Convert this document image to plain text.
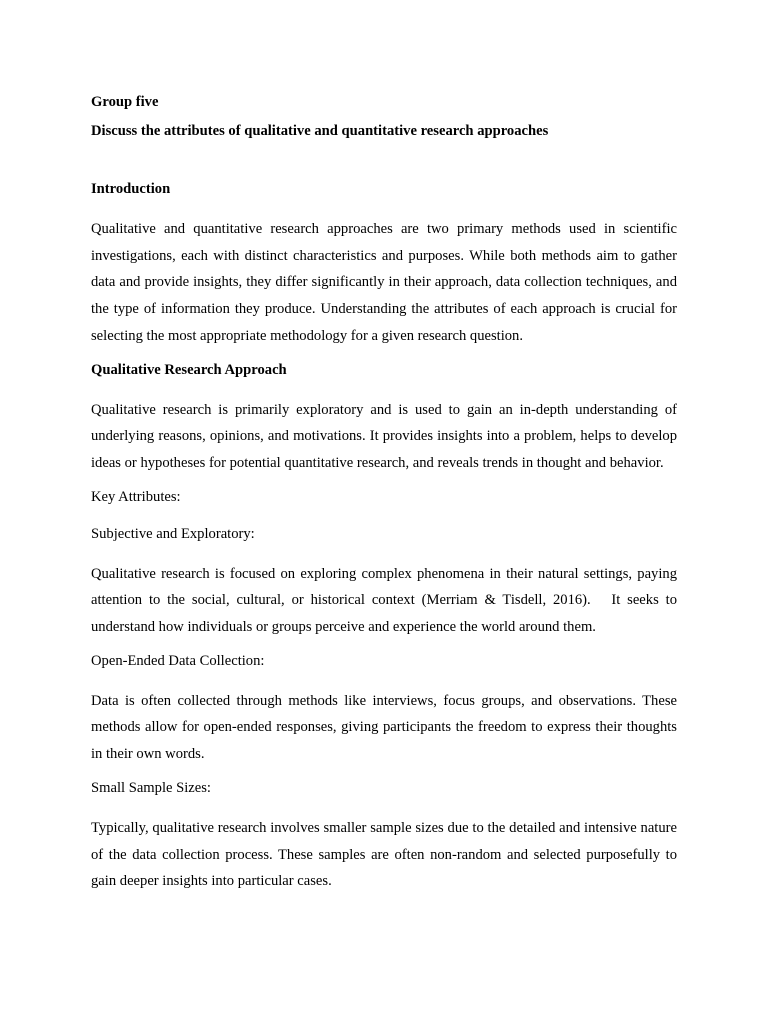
Group five

Discuss the attributes of qualitative and quantitative research approaches

Introduction

Qualitative and quantitative research approaches are two primary methods used in scientific investigations, each with distinct characteristics and purposes. While both methods aim to gather data and provide insights, they differ significantly in their approach, data collection techniques, and the type of information they produce. Understanding the attributes of each approach is crucial for selecting the most appropriate methodology for a given research question.

Qualitative Research Approach

Qualitative research is primarily exploratory and is used to gain an in-depth understanding of underlying reasons, opinions, and motivations. It provides insights into a problem, helps to develop ideas or hypotheses for potential quantitative research, and reveals trends in thought and behavior.

Key Attributes:

Subjective and Exploratory:

Qualitative research is focused on exploring complex phenomena in their natural settings, paying attention to the social, cultural, or historical context (Merriam & Tisdell, 2016).   It seeks to understand how individuals or groups perceive and experience the world around them.

Open-Ended Data Collection:

Data is often collected through methods like interviews, focus groups, and observations. These methods allow for open-ended responses, giving participants the freedom to express their thoughts in their own words.

Small Sample Sizes:

Typically, qualitative research involves smaller sample sizes due to the detailed and intensive nature of the data collection process. These samples are often non-random and selected purposefully to gain deeper insights into particular cases.
